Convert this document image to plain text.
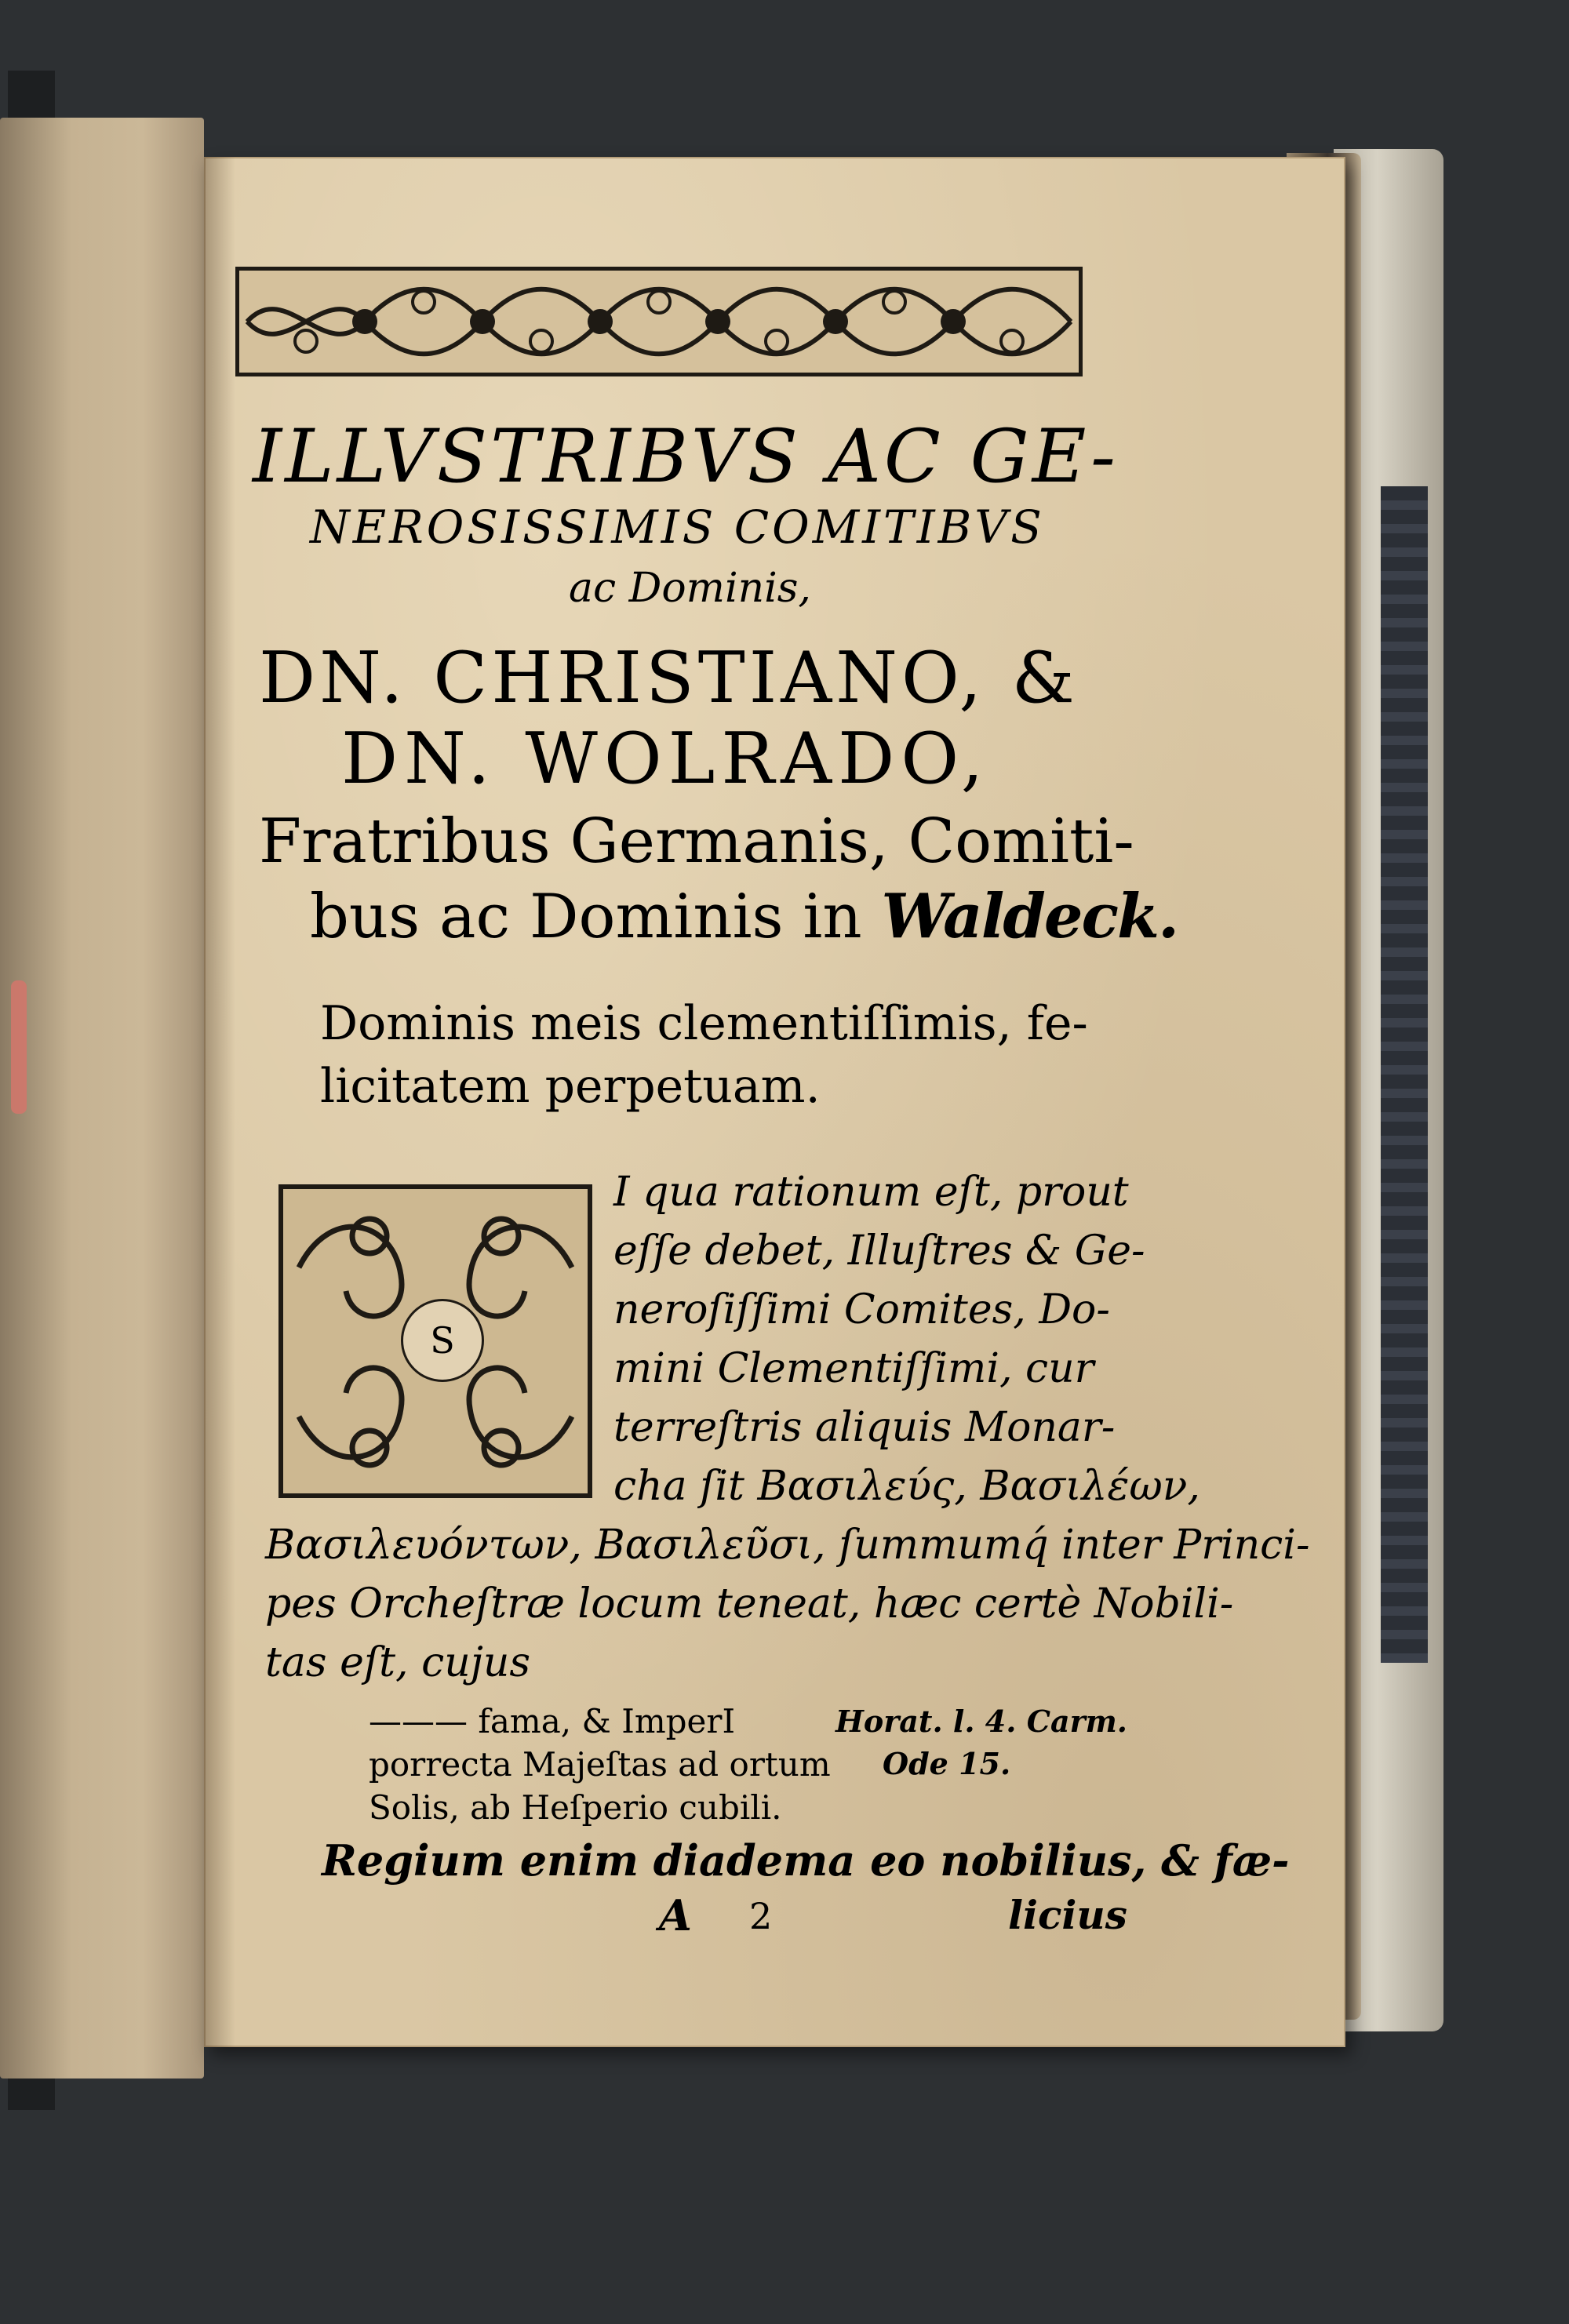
ILLVSTRIBVS AC GE-
NEROSISSIMIS COMITIBVS
ac Dominis,
DN. CHRISTIANO, &
DN. WOLRADO,
Fratribus Germanis, Comiti-
bus ac Dominis in Waldeck.
Dominis meis clementiſſimis, fe-
licitatem perpetuam.
S
I qua rationum eſt, prout
eſſe debet, Illuſtres & Ge-
neroſiſſimi Comites, Do-
mini Clementiſſimi, cur
terreſtris aliquis Monar-
cha ſit Βασιλεύς, Βασιλέων,
Βασιλευόντων, Βασιλεῦσι, ſummumq́ inter Princi-
pes Orcheſtræ locum teneat, hæc certè Nobili-
tas eſt, cujus
——— fama, & ImperI
porrecta Majeſtas ad ortum
Solis, ab Heſperio cubili.
Horat. l. 4. Carm.
Ode 15.
Regium enim diadema eo nobilius, & fæ-
A 2	licius
